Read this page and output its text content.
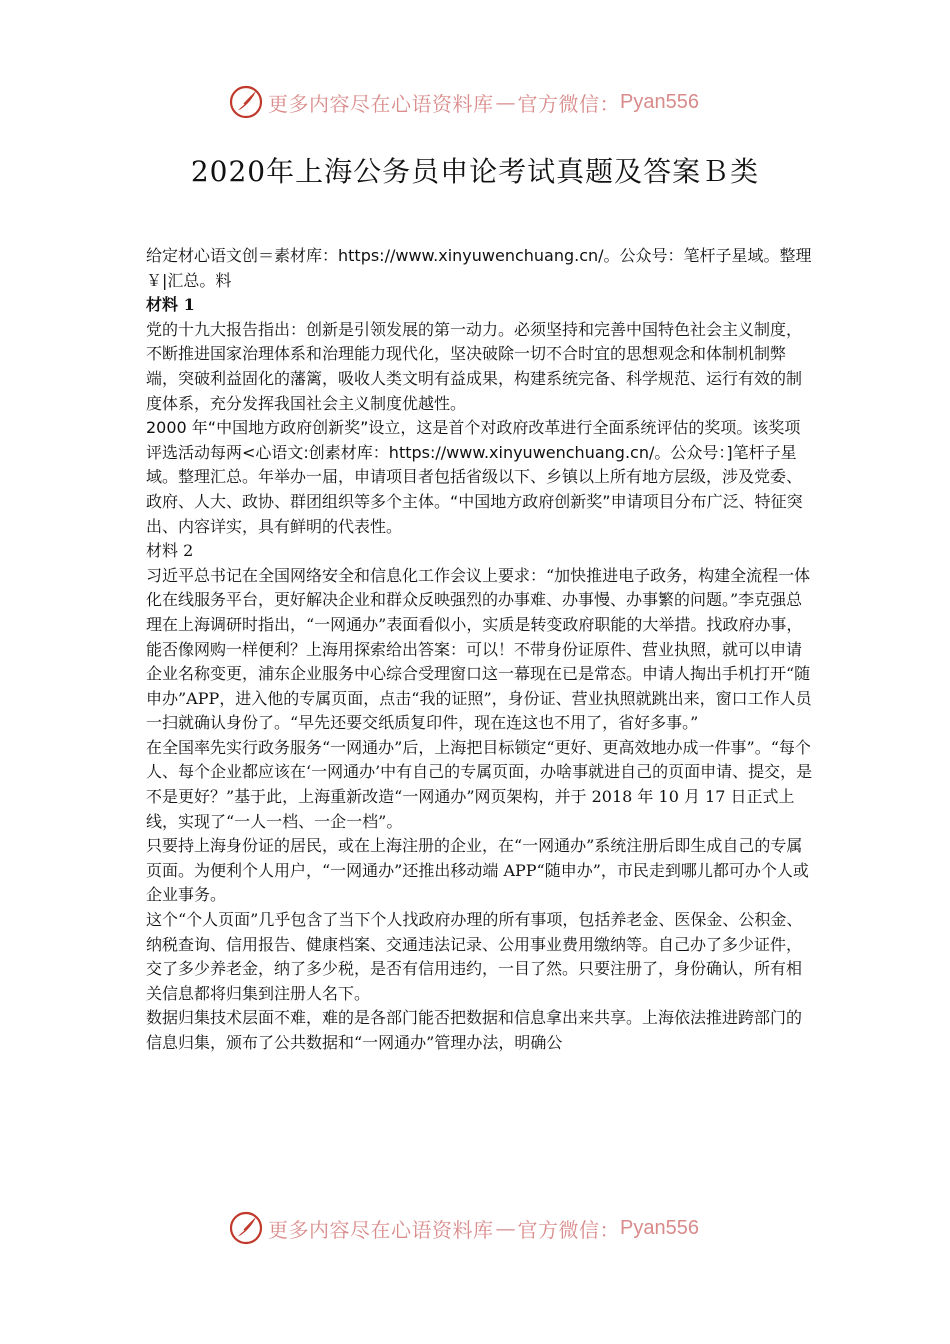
更多内容尽在心语资料库 — 官方微信： Pyan556
2020年上海公务员申论考试真题及答案Ｂ类

给定材心语文创＝素材库：https://www.xinyuwenchuang.cn/。公众号：笔杆子星域。整理￥|汇总。料

材料 1

党的十九大报告指出：创新是引领发展的第一动力。必须坚持和完善中国特色社会主义制度，不断推进国家治理体系和治理能力现代化，坚决破除一切不合时宜的思想观念和体制机制弊端，突破利益固化的藩篱，吸收人类文明有益成果，构建系统完备、科学规范、运行有效的制度体系，充分发挥我国社会主义制度优越性。

2000 年“中国地方政府创新奖”设立，这是首个对政府改革进行全面系统评估的奖项。该奖项评选活动每两<心语文:创素材库：https://www.xinyuwenchuang.cn/。公众号：]笔杆子星域。整理汇总。年举办一届，申请项目者包括省级以下、乡镇以上所有地方层级，涉及党委、政府、人大、政协、群团组织等多个主体。“中国地方政府创新奖”申请项目分布广泛、特征突出、内容详实，具有鲜明的代表性。

材料 2

习近平总书记在全国网络安全和信息化工作会议上要求：“加快推进电子政务，构建全流程一体化在线服务平台，更好解决企业和群众反映强烈的办事难、办事慢、办事繁的问题。”李克强总理在上海调研时指出，“一网通办”表面看似小，实质是转变政府职能的大举措。找政府办事，能否像网购一样便利？上海用探索给出答案：可以！不带身份证原件、营业执照，就可以申请企业名称变更，浦东企业服务中心综合受理窗口这一幕现在已是常态。申请人掏出手机打开“随申办”APP，进入他的专属页面，点击“我的证照”，身份证、营业执照就跳出来，窗口工作人员一扫就确认身份了。“早先还要交纸质复印件，现在连这也不用了，省好多事。”

在全国率先实行政务服务“一网通办”后，上海把目标锁定“更好、更高效地办成一件事”。“每个人、每个企业都应该在‘一网通办’中有自己的专属页面，办啥事就进自己的页面申请、提交，是不是更好？”基于此，上海重新改造“一网通办”网页架构，并于 2018 年 10 月 17 日正式上线，实现了“一人一档、一企一档”。

只要持上海身份证的居民，或在上海注册的企业，在“一网通办”系统注册后即生成自己的专属页面。为便利个人用户，“一网通办”还推出移动端 APP“随申办”，市民走到哪儿都可办个人或企业事务。

这个“个人页面”几乎包含了当下个人找政府办理的所有事项，包括养老金、医保金、公积金、纳税查询、信用报告、健康档案、交通违法记录、公用事业费用缴纳等。自己办了多少证件，交了多少养老金，纳了多少税，是否有信用违约，一目了然。只要注册了，身份确认，所有相关信息都将归集到注册人名下。

数据归集技术层面不难，难的是各部门能否把数据和信息拿出来共享。上海依法推进跨部门的信息归集，颁布了公共数据和“一网通办”管理办法，明确公

更多内容尽在心语资料库 — 官方微信： Pyan556
